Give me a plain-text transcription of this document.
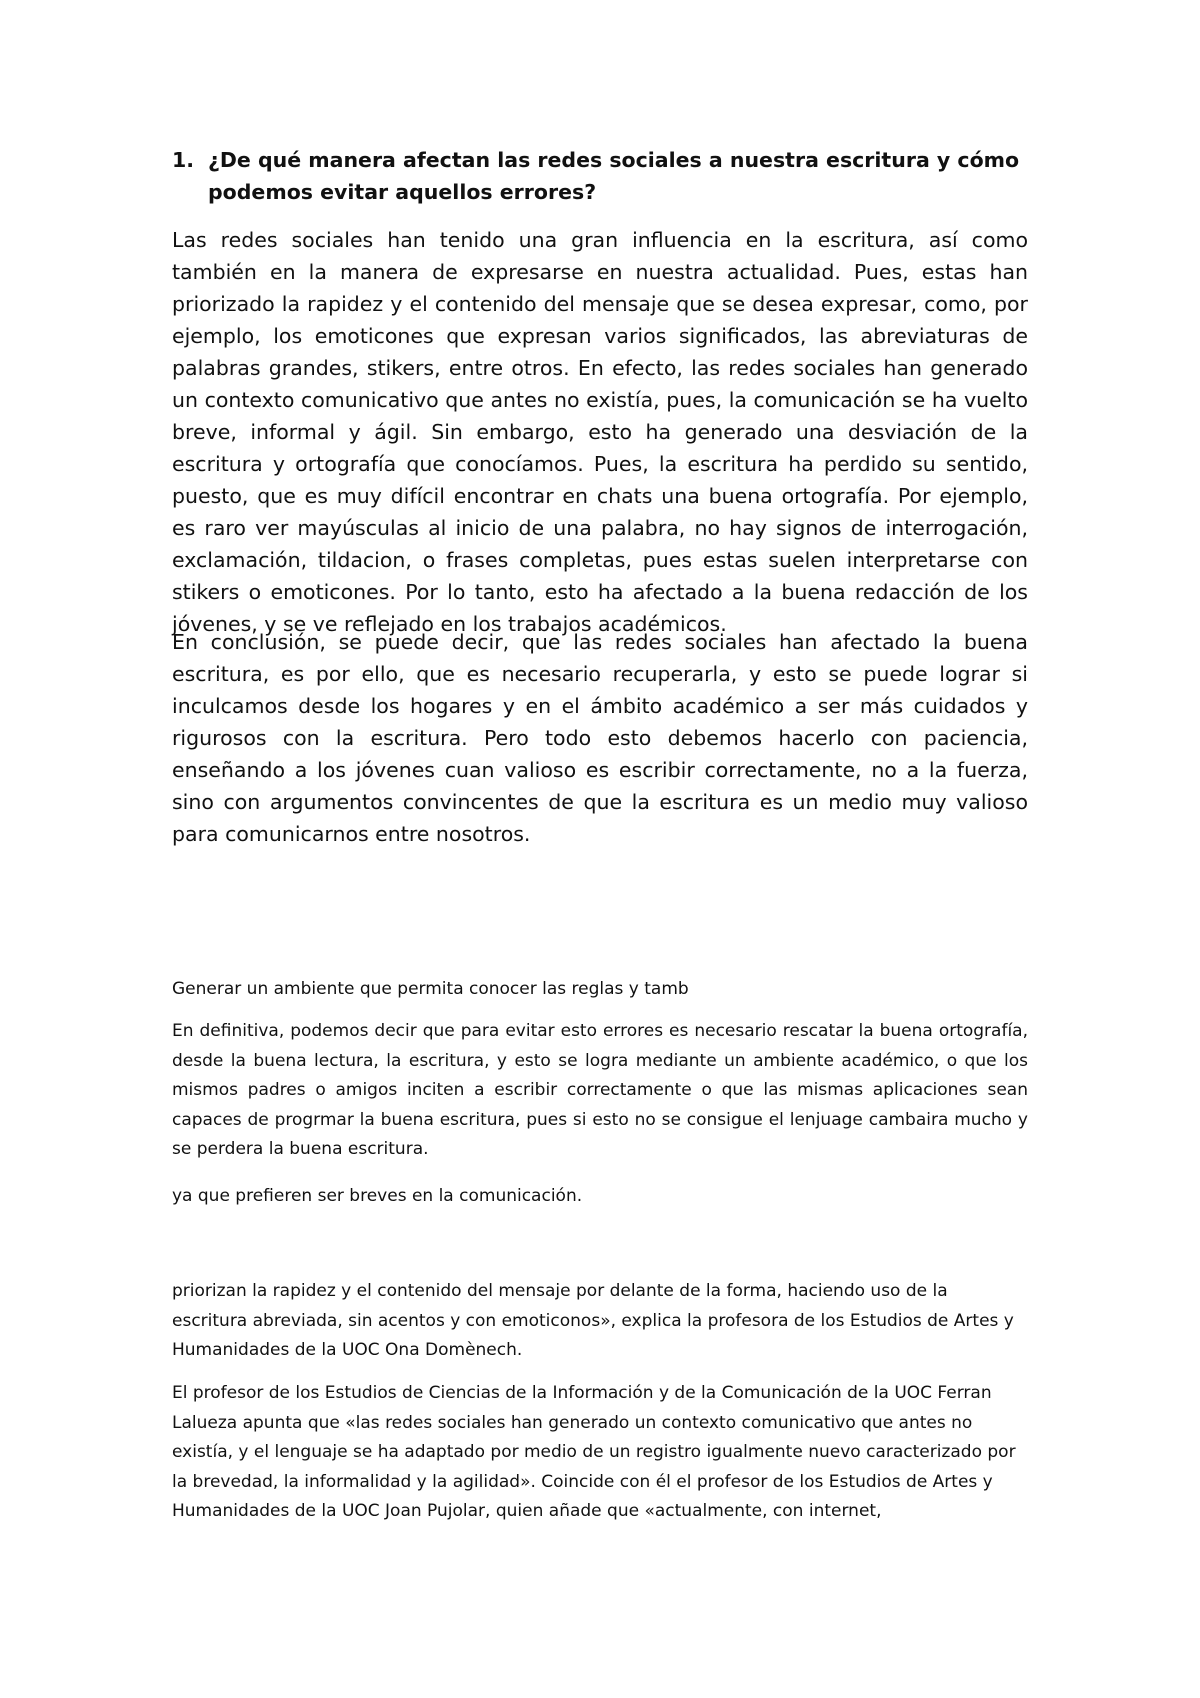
1. ¿De qué manera afectan las redes sociales a nuestra escritura y cómo podemos evitar aquellos errores?

Las redes sociales han tenido una gran influencia en la escritura, así como también en la manera de expresarse en nuestra actualidad. Pues, estas han priorizado la rapidez y el contenido del mensaje que se desea expresar, como, por ejemplo, los emoticones que expresan varios significados, las abreviaturas de palabras grandes, stikers, entre otros. En efecto, las redes sociales han generado un contexto comunicativo que antes no existía, pues, la comunicación se ha vuelto breve, informal y ágil. Sin embargo, esto ha generado una desviación de la escritura y ortografía que conocíamos. Pues, la escritura ha perdido su sentido, puesto, que es muy difícil encontrar en chats una buena ortografía. Por ejemplo, es raro ver mayúsculas al inicio de una palabra, no hay signos de interrogación, exclamación, tildacion, o frases completas, pues estas suelen interpretarse con stikers o emoticones. Por lo tanto, esto ha afectado a la buena redacción de los jóvenes, y se ve reflejado en los trabajos académicos.

En conclusión, se puede decir, que las redes sociales han afectado la buena escritura, es por ello, que es necesario recuperarla, y esto se puede lograr si inculcamos desde los hogares y en el ámbito académico a ser más cuidados y rigurosos con la escritura. Pero todo esto debemos hacerlo con paciencia, enseñando a los jóvenes cuan valioso es escribir correctamente, no a la fuerza, sino con argumentos convincentes de que la escritura es un medio muy valioso para comunicarnos entre nosotros.

Generar un ambiente que permita conocer las reglas y tamb

En definitiva, podemos decir que para evitar esto errores es necesario rescatar la buena ortografía, desde la buena lectura, la escritura, y esto se logra mediante un ambiente académico, o que los mismos padres o amigos inciten a escribir correctamente o que las mismas aplicaciones sean capaces de progrmar la buena escritura, pues si esto no se consigue el lenjuage cambaira mucho y se perdera la buena escritura.

ya que prefieren ser breves en la comunicación.

priorizan la rapidez y el contenido del mensaje por delante de la forma, haciendo uso de la escritura abreviada, sin acentos y con emoticonos», explica la profesora de los Estudios de Artes y Humanidades de la UOC Ona Domènech.

El profesor de los Estudios de Ciencias de la Información y de la Comunicación de la UOC Ferran Lalueza apunta que «las redes sociales han generado un contexto comunicativo que antes no existía, y el lenguaje se ha adaptado por medio de un registro igualmente nuevo caracterizado por la brevedad, la informalidad y la agilidad». Coincide con él el profesor de los Estudios de Artes y Humanidades de la UOC Joan Pujolar, quien añade que «actualmente, con internet,
